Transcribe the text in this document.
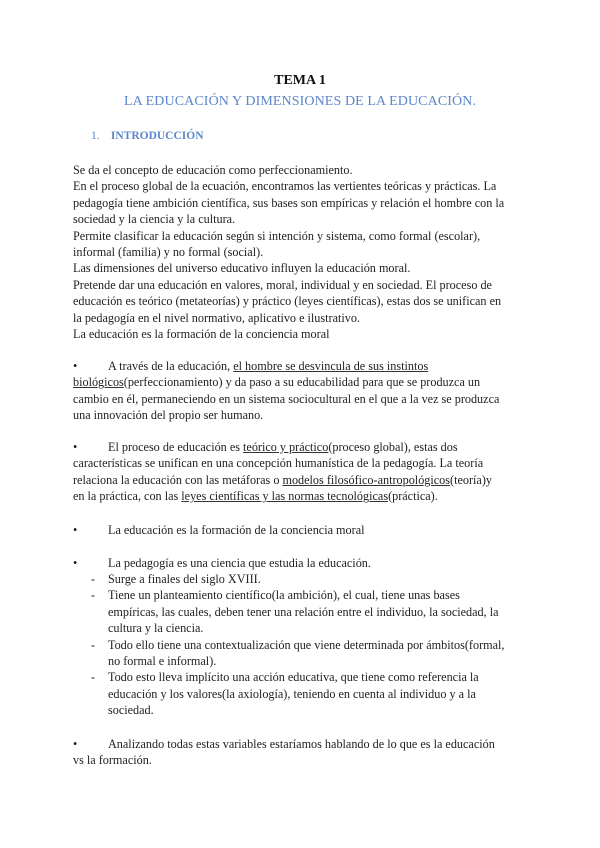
TEMA 1
LA EDUCACIÓN Y DIMENSIONES DE LA EDUCACIÓN.
1. INTRODUCCIÓN
Se da el concepto de educación como perfeccionamiento.
En el proceso global de la ecuación, encontramos las vertientes teóricas y prácticas. La
pedagogía tiene ambición científica, sus bases son empíricas y relación el hombre con la
sociedad y la ciencia y la cultura.
Permite clasificar la educación según si intención y sistema, como formal (escolar),
informal (familia) y no formal (social).
Las dimensiones del universo educativo influyen la educación moral.
Pretende dar una educación en valores, moral, individual y en sociedad. El proceso de
educación es teórico (metateorías) y práctico (leyes científicas), estas dos se unifican en
la pedagogía en el nivel normativo, aplicativo e ilustrativo.
La educación es la formación de la conciencia moral
•	A través de la educación, el hombre se desvincula de sus instintos
biológicos(perfeccionamiento) y da paso a su educabilidad para que se produzca un
cambio en él, permaneciendo en un sistema sociocultural en el que a la vez se produzca
una innovación del propio ser humano.
•	El proceso de educación es teórico y práctico(proceso global), estas dos
características se unifican en una concepción humanística de la pedagogía. La teoría
relaciona la educación con las metáforas o modelos filosófico-antropológicos(teoría)y
en la práctica, con las leyes científicas y las normas tecnológicas(práctica).
•	La educación es la formación de la conciencia moral
•	La pedagogía es una ciencia que estudia la educación.
-	Surge a finales del siglo XVIII.
-	Tiene un planteamiento científico(la ambición), el cual, tiene unas bases
empíricas, las cuales, deben tener una relación entre el individuo, la sociedad, la
cultura y la ciencia.
-	Todo ello tiene una contextualización que viene determinada por ámbitos(formal,
no formal e informal).
-	Todo esto lleva implícito una acción educativa, que tiene como referencia la
educación y los valores(la axiología), teniendo en cuenta al individuo y a la
sociedad.
•	Analizando todas estas variables estaríamos hablando de lo que es la educación
vs la formación.
